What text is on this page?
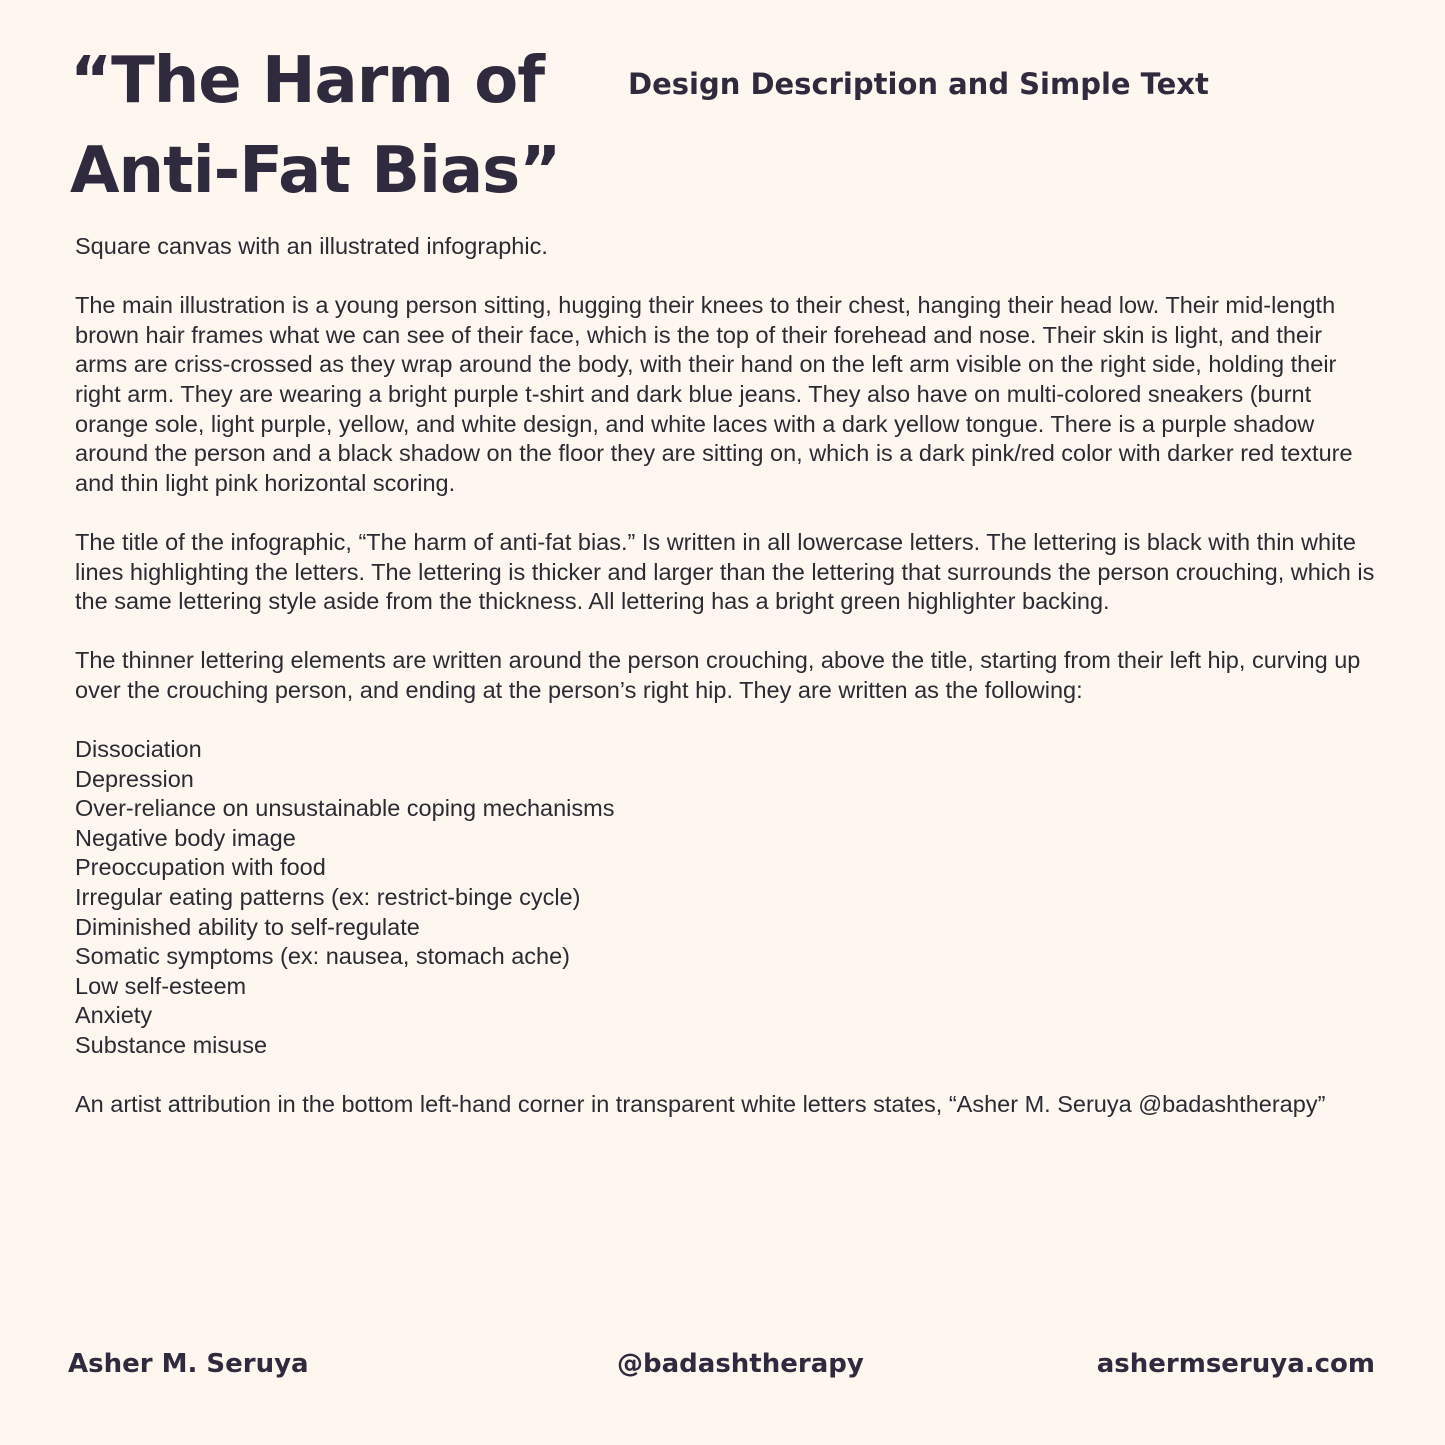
“The Harm of Anti-Fat Bias”
Design Description and Simple Text

Square canvas with an illustrated infographic.

The main illustration is a young person sitting, hugging their knees to their chest, hanging their head low. Their mid-length brown hair frames what we can see of their face, which is the top of their forehead and nose. Their skin is light, and their arms are criss-crossed as they wrap around the body, with their hand on the left arm visible on the right side, holding their right arm. They are wearing a bright purple t-shirt and dark blue jeans. They also have on multi-colored sneakers (burnt orange sole, light purple, yellow, and white design, and white laces with a dark yellow tongue. There is a purple shadow around the person and a black shadow on the floor they are sitting on, which is a dark pink/red color with darker red texture and thin light pink horizontal scoring.

The title of the infographic, “The harm of anti-fat bias.” Is written in all lowercase letters. The lettering is black with thin white lines highlighting the letters. The lettering is thicker and larger than the lettering that surrounds the person crouching, which is the same lettering style aside from the thickness. All lettering has a bright green highlighter backing.

The thinner lettering elements are written around the person crouching, above the title, starting from their left hip, curving up over the crouching person, and ending at the person’s right hip. They are written as the following:

Dissociation
Depression
Over-reliance on unsustainable coping mechanisms
Negative body image
Preoccupation with food
Irregular eating patterns (ex: restrict-binge cycle)
Diminished ability to self-regulate
Somatic symptoms (ex: nausea, stomach ache)
Low self-esteem
Anxiety
Substance misuse

An artist attribution in the bottom left-hand corner in transparent white letters states, “Asher M. Seruya @badashtherapy”

Asher M. Seruya	@badashtherapy	ashermseruya.com
